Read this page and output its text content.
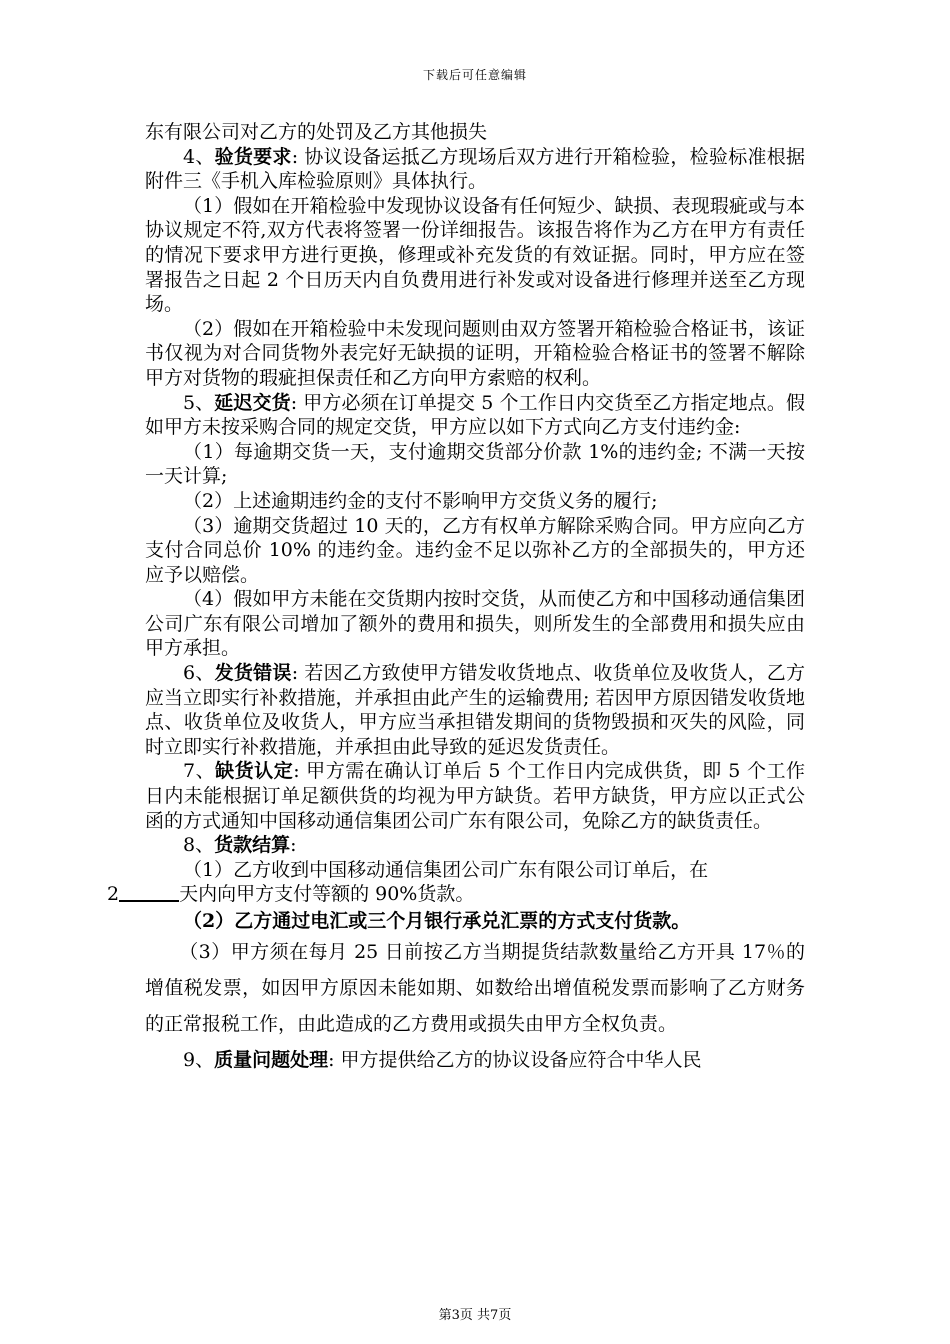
下载后可任意编辑

东有限公司对乙方的处罚及乙方其他损失

4、验货要求: 协议设备运抵乙方现场后双方进行开箱检验，检验标准根据附件三《手机入库检验原则》具体执行。

（1）假如在开箱检验中发现协议设备有任何短少、缺损、表现瑕疵或与本协议规定不符,双方代表将签署一份详细报告。该报告将作为乙方在甲方有责任的情况下要求甲方进行更换，修理或补充发货的有效证据。同时，甲方应在签署报告之日起 2 个日历天内自负费用进行补发或对设备进行修理并送至乙方现场。

（2）假如在开箱检验中未发现问题则由双方签署开箱检验合格证书，该证书仅视为对合同货物外表完好无缺损的证明，开箱检验合格证书的签署不解除甲方对货物的瑕疵担保责任和乙方向甲方索赔的权利。

5、延迟交货: 甲方必须在订单提交 5 个工作日内交货至乙方指定地点。假如甲方未按采购合同的规定交货，甲方应以如下方式向乙方支付违约金:

（1）每逾期交货一天，支付逾期交货部分价款 1%的违约金; 不满一天按一天计算;

（2）上述逾期违约金的支付不影响甲方交货义务的履行;

（3）逾期交货超过 10 天的，乙方有权单方解除采购合同。甲方应向乙方支付合同总价 10% 的违约金。违约金不足以弥补乙方的全部损失的，甲方还应予以赔偿。

（4）假如甲方未能在交货期内按时交货，从而使乙方和中国移动通信集团公司广东有限公司增加了额外的费用和损失，则所发生的全部费用和损失应由甲方承担。

6、发货错误: 若因乙方致使甲方错发收货地点、收货单位及收货人，乙方应当立即实行补救措施，并承担由此产生的运输费用; 若因甲方原因错发收货地点、收货单位及收货人，甲方应当承担错发期间的货物毁损和灭失的风险，同时立即实行补救措施，并承担由此导致的延迟发货责任。

7、缺货认定: 甲方需在确认订单后 5 个工作日内完成供货，即 5 个工作日内未能根据订单足额供货的均视为甲方缺货。若甲方缺货，甲方应以正式公函的方式通知中国移动通信集团公司广东有限公司，免除乙方的缺货责任。

8、货款结算:

（1）乙方收到中国移动通信集团公司广东有限公司订单后，在
2	天内向甲方支付等额的 90%货款。

（2）乙方通过电汇或三个月银行承兑汇票的方式支付货款。

（3）甲方须在每月 25 日前按乙方当期提货结款数量给乙方开具 17％的增值税发票，如因甲方原因未能如期、如数给出增值税发票而影响了乙方财务的正常报税工作，由此造成的乙方费用或损失由甲方全权负责。

9、质量问题处理: 甲方提供给乙方的协议设备应符合中华人民

第3页 共7页
